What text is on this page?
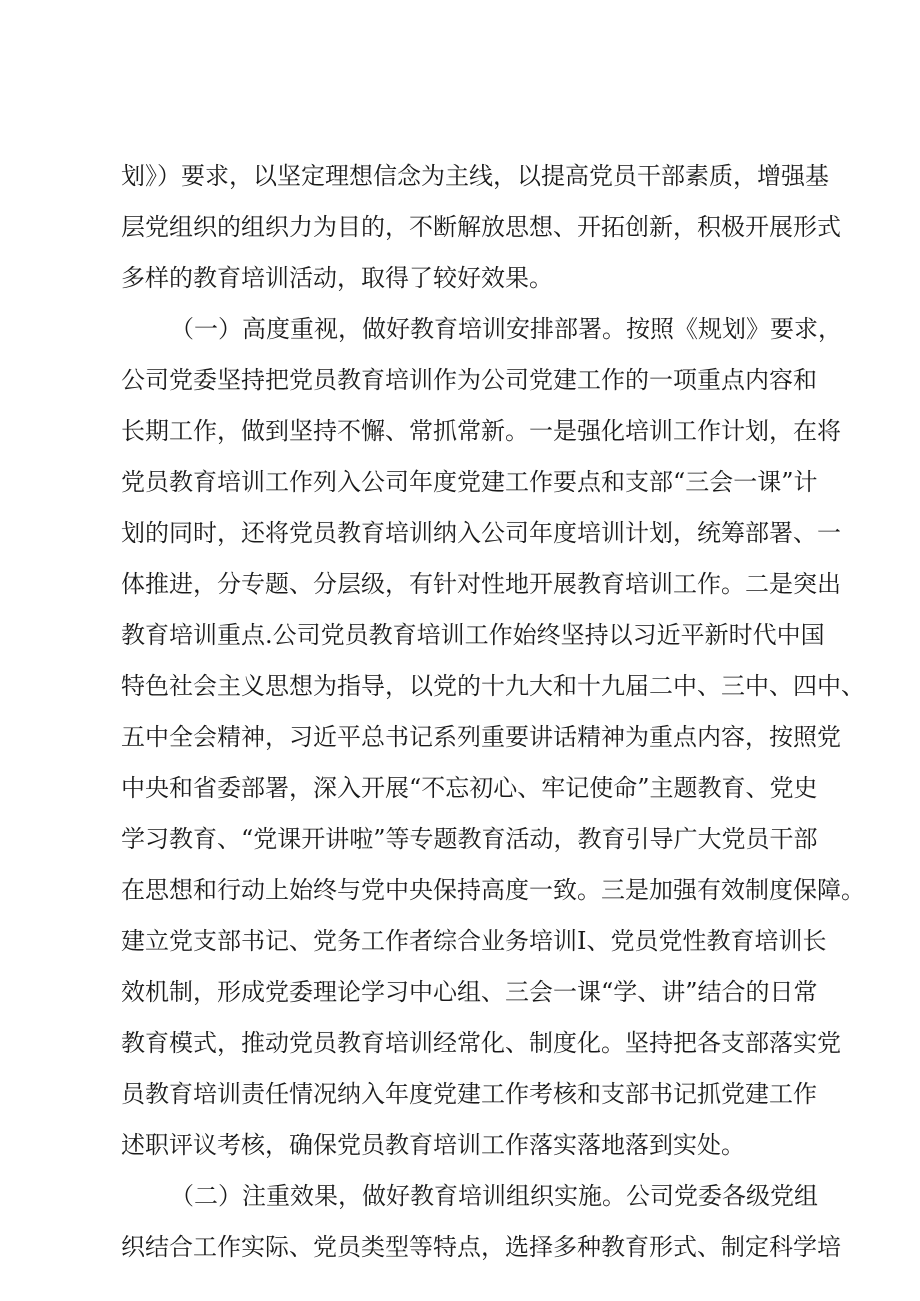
划》）要求，以坚定理想信念为主线，以提高党员干部素质，增强基
层党组织的组织力为目的，不断解放思想、开拓创新，积极开展形式
多样的教育培训活动，取得了较好效果。
（一）高度重视，做好教育培训安排部署。按照《规划》要求，
公司党委坚持把党员教育培训作为公司党建工作的一项重点内容和
长期工作，做到坚持不懈、常抓常新。一是强化培训工作计划，在将
党员教育培训工作列入公司年度党建工作要点和支部“三会一课”计
划的同时，还将党员教育培训纳入公司年度培训计划，统筹部署、一
体推进，分专题、分层级，有针对性地开展教育培训工作。二是突出
教育培训重点.公司党员教育培训工作始终坚持以习近平新时代中国
特色社会主义思想为指导，以党的十九大和十九届二中、三中、四中、
五中全会精神，习近平总书记系列重要讲话精神为重点内容，按照党
中央和省委部署，深入开展“不忘初心、牢记使命”主题教育、党史
学习教育、“党课开讲啦”等专题教育活动，教育引导广大党员干部
在思想和行动上始终与党中央保持高度一致。三是加强有效制度保障。
建立党支部书记、党务工作者综合业务培训I、党员党性教育培训长
效机制，形成党委理论学习中心组、三会一课“学、讲”结合的日常
教育模式，推动党员教育培训经常化、制度化。坚持把各支部落实党
员教育培训责任情况纳入年度党建工作考核和支部书记抓党建工作
述职评议考核，确保党员教育培训工作落实落地落到实处。
（二）注重效果，做好教育培训组织实施。公司党委各级党组
织结合工作实际、党员类型等特点，选择多种教育形式、制定科学培
